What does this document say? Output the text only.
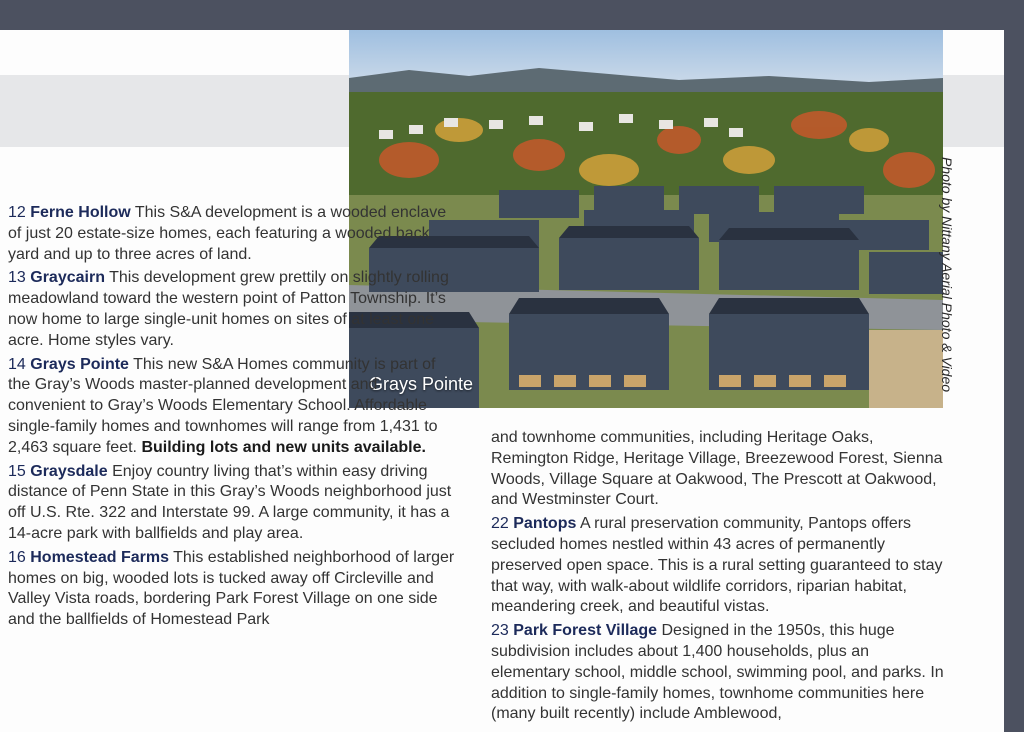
Grays Pointe	Photo by Nittany Aerial Photo & Video

12 Ferne Hollow This S&A development is a wooded enclave of just 20 estate-size homes, each featuring a wooded back yard and up to three acres of land.

13 Graycairn This development grew prettily on slightly rolling meadowland toward the western point of Patton Township. It’s now home to large single-unit homes on sites of at least one acre. Home styles vary.

14 Grays Pointe This new S&A Homes community is part of the Gray’s Woods master-planned development and convenient to Gray’s Woods Elementary School. Affordable single-family homes and townhomes will range from 1,431 to 2,463 square feet. Building lots and new units available.

15 Graysdale Enjoy country living that’s within easy driving distance of Penn State in this Gray’s Woods neighborhood just off U.S. Rte. 322 and Interstate 99. A large community, it has a 14-acre park with ballfields and play area.

16 Homestead Farms This established neighborhood of larger homes on big, wooded lots is tucked away off Circleville and Valley Vista roads, bordering Park Forest Village on one side and the ballfields of Homestead Park

and townhome communities, including Heritage Oaks, Remington Ridge, Heritage Village, Breezewood Forest, Sienna Woods, Village Square at Oakwood, The Prescott at Oakwood, and Westminster Court.

22 Pantops A rural preservation community, Pantops offers secluded homes nestled within 43 acres of permanently preserved open space. This is a rural setting guaranteed to stay that way, with walk-about wildlife corridors, riparian habitat, meandering creek, and beautiful vistas.

23 Park Forest Village Designed in the 1950s, this huge subdivision includes about 1,400 households, plus an elementary school, middle school, swimming pool, and parks. In addition to single-family homes, townhome communities here (many built recently) include Amblewood,
